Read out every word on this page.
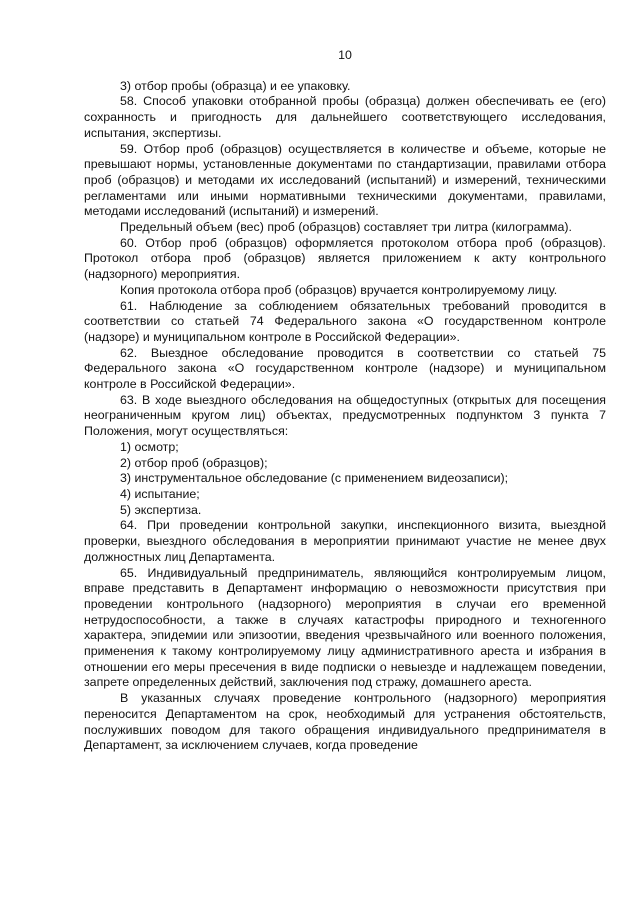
10

3) отбор пробы (образца) и ее упаковку.

58. Способ упаковки отобранной пробы (образца) должен обеспечивать ее (его) сохранность и пригодность для дальнейшего соответствующего исследования, испытания, экспертизы.

59. Отбор проб (образцов) осуществляется в количестве и объеме, которые не превышают нормы, установленные документами по стандартизации, правилами отбора проб (образцов) и методами их исследований (испытаний) и измерений, техническими регламентами или иными нормативными техническими документами, правилами, методами исследований (испытаний) и измерений.

Предельный объем (вес) проб (образцов) составляет три литра (килограмма).

60. Отбор проб (образцов) оформляется протоколом отбора проб (образцов). Протокол отбора проб (образцов) является приложением к акту контрольного (надзорного) мероприятия.

Копия протокола отбора проб (образцов) вручается контролируемому лицу.

61. Наблюдение за соблюдением обязательных требований проводится в соответствии со статьей 74 Федерального закона «О государственном контроле (надзоре) и муниципальном контроле в Российской Федерации».

62. Выездное обследование проводится в соответствии со статьей 75 Федерального закона «О государственном контроле (надзоре) и муниципальном контроле в Российской Федерации».

63. В ходе выездного обследования на общедоступных (открытых для посещения неограниченным кругом лиц) объектах, предусмотренных подпунктом 3 пункта 7 Положения, могут осуществляться:

1) осмотр;

2) отбор проб (образцов);

3) инструментальное обследование (с применением видеозаписи);

4) испытание;

5) экспертиза.

64. При проведении контрольной закупки, инспекционного визита, выездной проверки, выездного обследования в мероприятии принимают участие не менее двух должностных лиц Департамента.

65. Индивидуальный предприниматель, являющийся контролируемым лицом, вправе представить в Департамент информацию о невозможности присутствия при проведении контрольного (надзорного) мероприятия в случаи его временной нетрудоспособности, а также в случаях катастрофы природного и техногенного характера, эпидемии или эпизоотии, введения чрезвычайного или военного положения, применения к такому контролируемому лицу административного ареста и избрания в отношении его меры пресечения в виде подписки о невыезде и надлежащем поведении, запрете определенных действий, заключения под стражу, домашнего ареста.

В указанных случаях проведение контрольного (надзорного) мероприятия переносится Департаментом на срок, необходимый для устранения обстоятельств, послуживших поводом для такого обращения индивидуального предпринимателя в Департамент, за исключением случаев, когда проведение
